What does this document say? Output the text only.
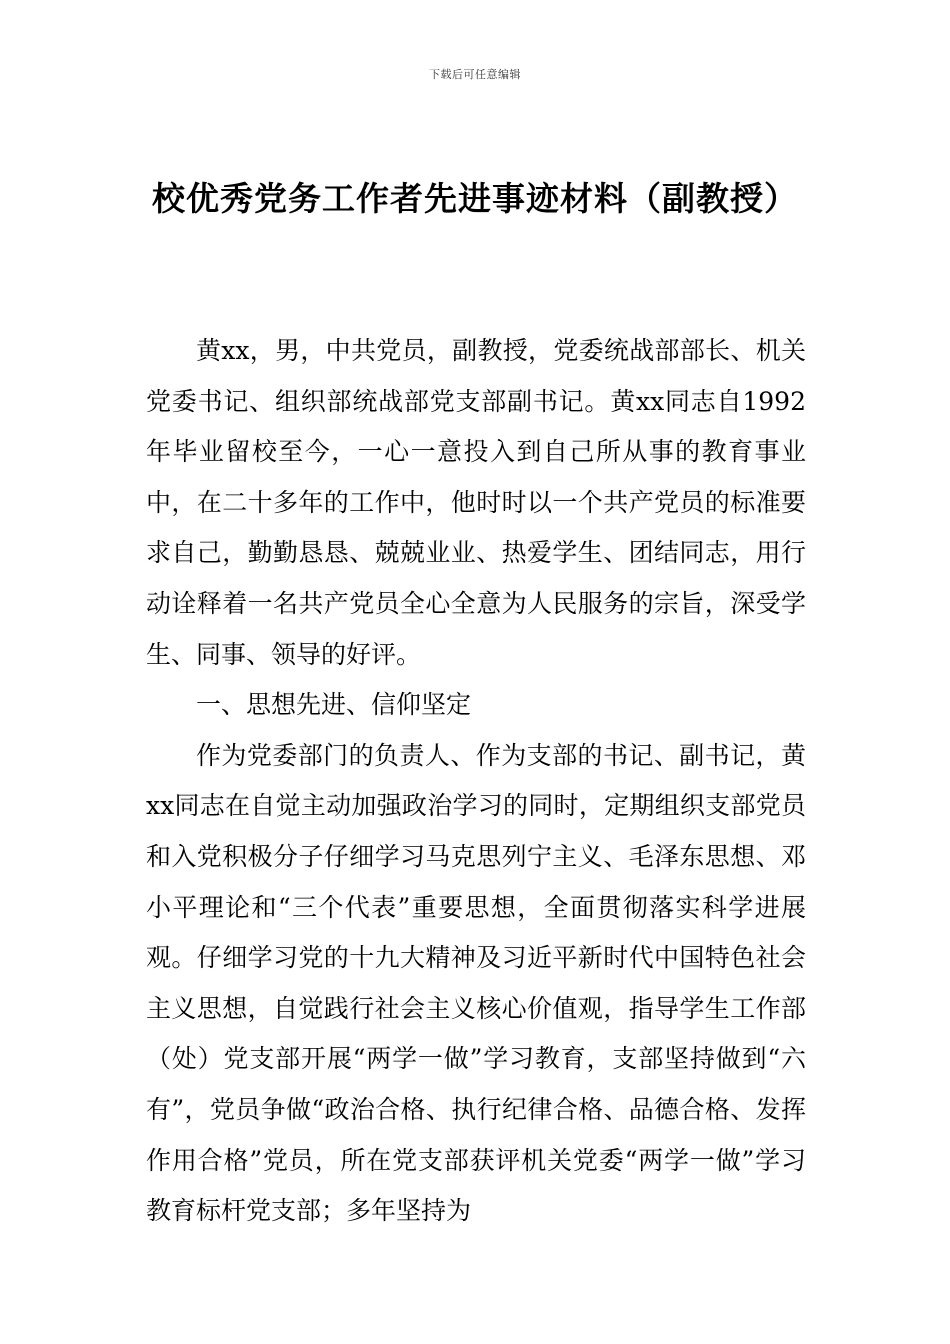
下载后可任意编辑
校优秀党务工作者先进事迹材料（副教授）

黄xx，男，中共党员，副教授，党委统战部部长、机关党委书记、组织部统战部党支部副书记。黄xx同志自1992年毕业留校至今，一心一意投入到自己所从事的教育事业中，在二十多年的工作中，他时时以一个共产党员的标准要求自己，勤勤恳恳、兢兢业业、热爱学生、团结同志，用行动诠释着一名共产党员全心全意为人民服务的宗旨，深受学生、同事、领导的好评。

一、思想先进、信仰坚定

作为党委部门的负责人、作为支部的书记、副书记，黄xx同志在自觉主动加强政治学习的同时，定期组织支部党员和入党积极分子仔细学习马克思列宁主义、毛泽东思想、邓小平理论和“三个代表”重要思想，全面贯彻落实科学进展观。仔细学习党的十九大精神及习近平新时代中国特色社会主义思想，自觉践行社会主义核心价值观，指导学生工作部（处）党支部开展“两学一做”学习教育，支部坚持做到“六有”，党员争做“政治合格、执行纪律合格、品德合格、发挥作用合格”党员，所在党支部获评机关党委“两学一做”学习教育标杆党支部；多年坚持为
